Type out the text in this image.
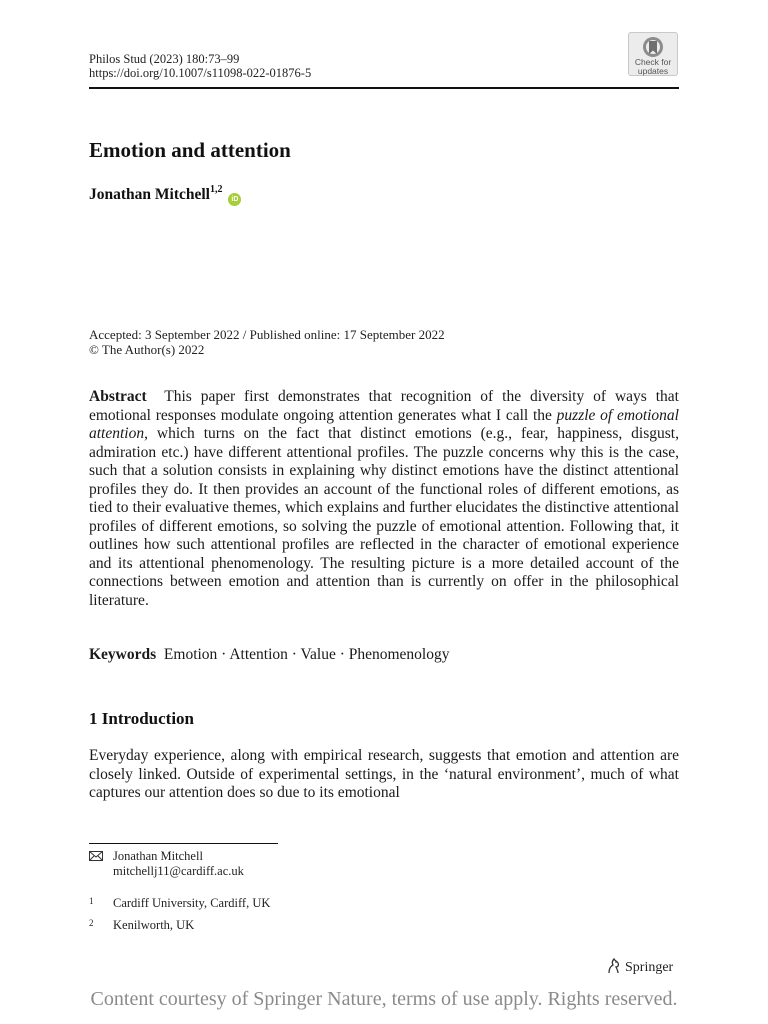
Philos Stud (2023) 180:73–99
https://doi.org/10.1007/s11098-022-01876-5
Check for
updates
Emotion and attention
Jonathan Mitchell$^{1,2}$ iD
Accepted: 3 September 2022 / Published online: 17 September 2022
© The Author(s) 2022
Abstract This paper first demonstrates that recognition of the diversity of ways that emotional responses modulate ongoing attention generates what I call the puzzle of emotional attention, which turns on the fact that distinct emotions (e.g., fear, happiness, disgust, admiration etc.) have different attentional profiles. The puzzle concerns why this is the case, such that a solution consists in explaining why distinct emotions have the distinct attentional profiles they do. It then provides an account of the functional roles of different emotions, as tied to their evaluative themes, which explains and further elucidates the distinctive attentional profiles of different emotions, so solving the puzzle of emotional attention. Following that, it outlines how such attentional profiles are reflected in the character of emotional experience and its attentional phenomenology. The resulting picture is a more detailed account of the connections between emotion and attention than is currently on offer in the philosophical literature.
Keywords Emotion · Attention · Value · Phenomenology
1 Introduction
Everyday experience, along with empirical research, suggests that emotion and attention are closely linked. Outside of experimental settings, in the ‘natural environment’, much of what captures our attention does so due to its emotional
Jonathan Mitchell
mitchellj11@cardiff.ac.uk
1 Cardiff University, Cardiff, UK
2 Kenilworth, UK
Springer
Content courtesy of Springer Nature, terms of use apply. Rights reserved.
